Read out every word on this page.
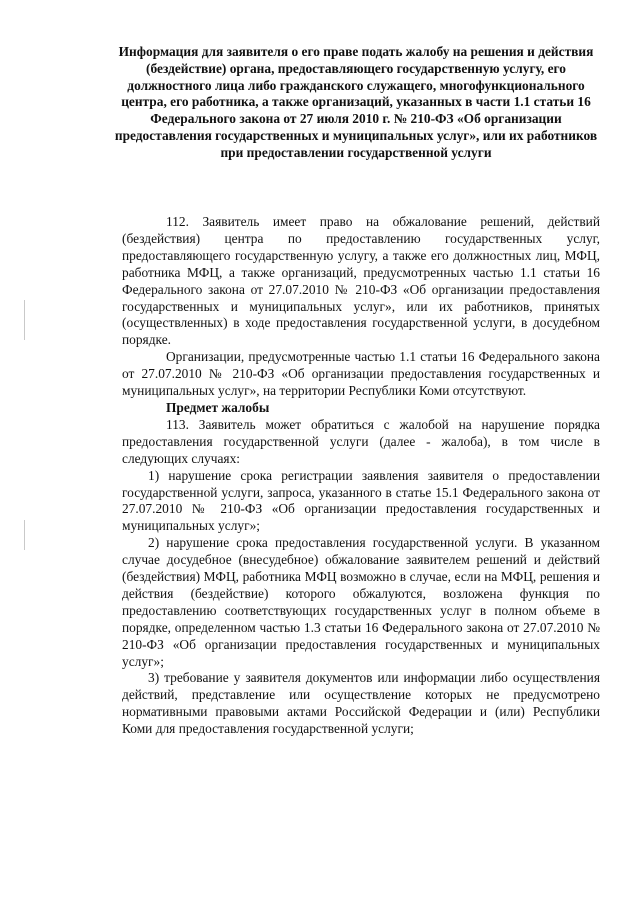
Информация для заявителя о его праве подать жалобу на решения и действия (бездействие) органа, предоставляющего государственную услугу, его должностного лица либо гражданского служащего, многофункционального центра, его работника, а также организаций, указанных в части 1.1 статьи 16 Федерального закона от 27 июля 2010 г. № 210-ФЗ «Об организации предоставления государственных и муниципальных услуг», или их работников при предоставлении государственной услуги

112. Заявитель имеет право на обжалование решений, действий (бездействия) центра по предоставлению государственных услуг, предоставляющего государственную услугу, а также его должностных лиц, МФЦ, работника МФЦ, а также организаций, предусмотренных частью 1.1 статьи 16 Федерального закона от 27.07.2010 № 210-ФЗ «Об организации предоставления государственных и муниципальных услуг», или их работников, принятых (осуществленных) в ходе предоставления государственной услуги, в досудебном порядке.

Организации, предусмотренные частью 1.1 статьи 16 Федерального закона от 27.07.2010 № 210-ФЗ «Об организации предоставления государственных и муниципальных услуг», на территории Республики Коми отсутствуют.

Предмет жалобы

113. Заявитель может обратиться с жалобой на нарушение порядка предоставления государственной услуги (далее - жалоба), в том числе в следующих случаях:

1) нарушение срока регистрации заявления заявителя о предоставлении государственной услуги, запроса, указанного в статье 15.1 Федерального закона от 27.07.2010 № 210-ФЗ «Об организации предоставления государственных и муниципальных услуг»;

2) нарушение срока предоставления государственной услуги. В указанном случае досудебное (внесудебное) обжалование заявителем решений и действий (бездействия) МФЦ, работника МФЦ возможно в случае, если на МФЦ, решения и действия (бездействие) которого обжалуются, возложена функция по предоставлению соответствующих государственных услуг в полном объеме в порядке, определенном частью 1.3 статьи 16 Федерального закона от 27.07.2010 № 210-ФЗ «Об организации предоставления государственных и муниципальных услуг»;

3) требование у заявителя документов или информации либо осуществления действий, представление или осуществление которых не предусмотрено нормативными правовыми актами Российской Федерации и (или) Республики Коми для предоставления государственной услуги;
